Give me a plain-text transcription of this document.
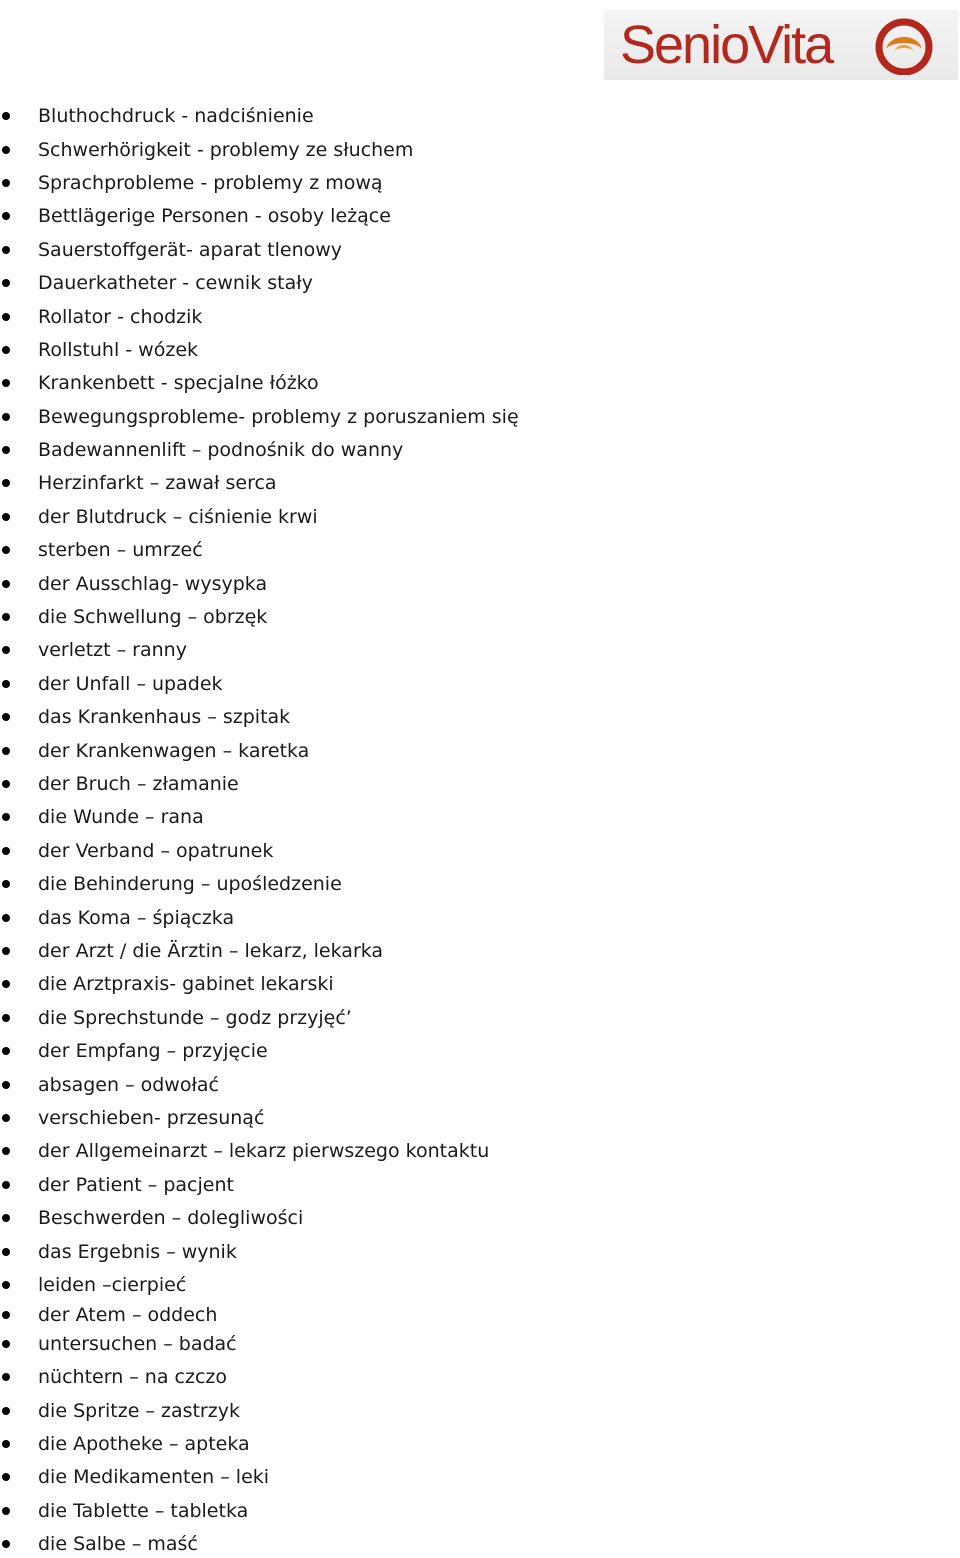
SenioVita
Bluthochdruck - nadciśnienie
Schwerhörigkeit - problemy ze słuchem
Sprachprobleme - problemy z mową
Bettlägerige Personen - osoby leżące
Sauerstoffgerät- aparat tlenowy
Dauerkatheter - cewnik stały
Rollator - chodzik
Rollstuhl - wózek
Krankenbett - specjalne łóżko
Bewegungsprobleme- problemy z poruszaniem się
Badewannenlift – podnośnik do wanny
Herzinfarkt – zawał serca
der Blutdruck – ciśnienie krwi
sterben – umrzeć
der Ausschlag- wysypka
die Schwellung – obrzęk
verletzt – ranny
der Unfall – upadek
das Krankenhaus – szpitak
der Krankenwagen – karetka
der Bruch – złamanie
die Wunde – rana
der Verband – opatrunek
die Behinderung – upośledzenie
das Koma – śpiączka
der Arzt / die Ärztin – lekarz, lekarka
die Arztpraxis- gabinet lekarski
die Sprechstunde – godz przyjęć’
der Empfang – przyjęcie
absagen – odwołać
verschieben- przesunąć
der Allgemeinarzt – lekarz pierwszego kontaktu
der Patient – pacjent
Beschwerden – dolegliwości
das Ergebnis – wynik
leiden –cierpieć
der Atem – oddech
untersuchen – badać
nüchtern – na czczo
die Spritze – zastrzyk
die Apotheke – apteka
die Medikamenten – leki
die Tablette – tabletka
die Salbe – maść
